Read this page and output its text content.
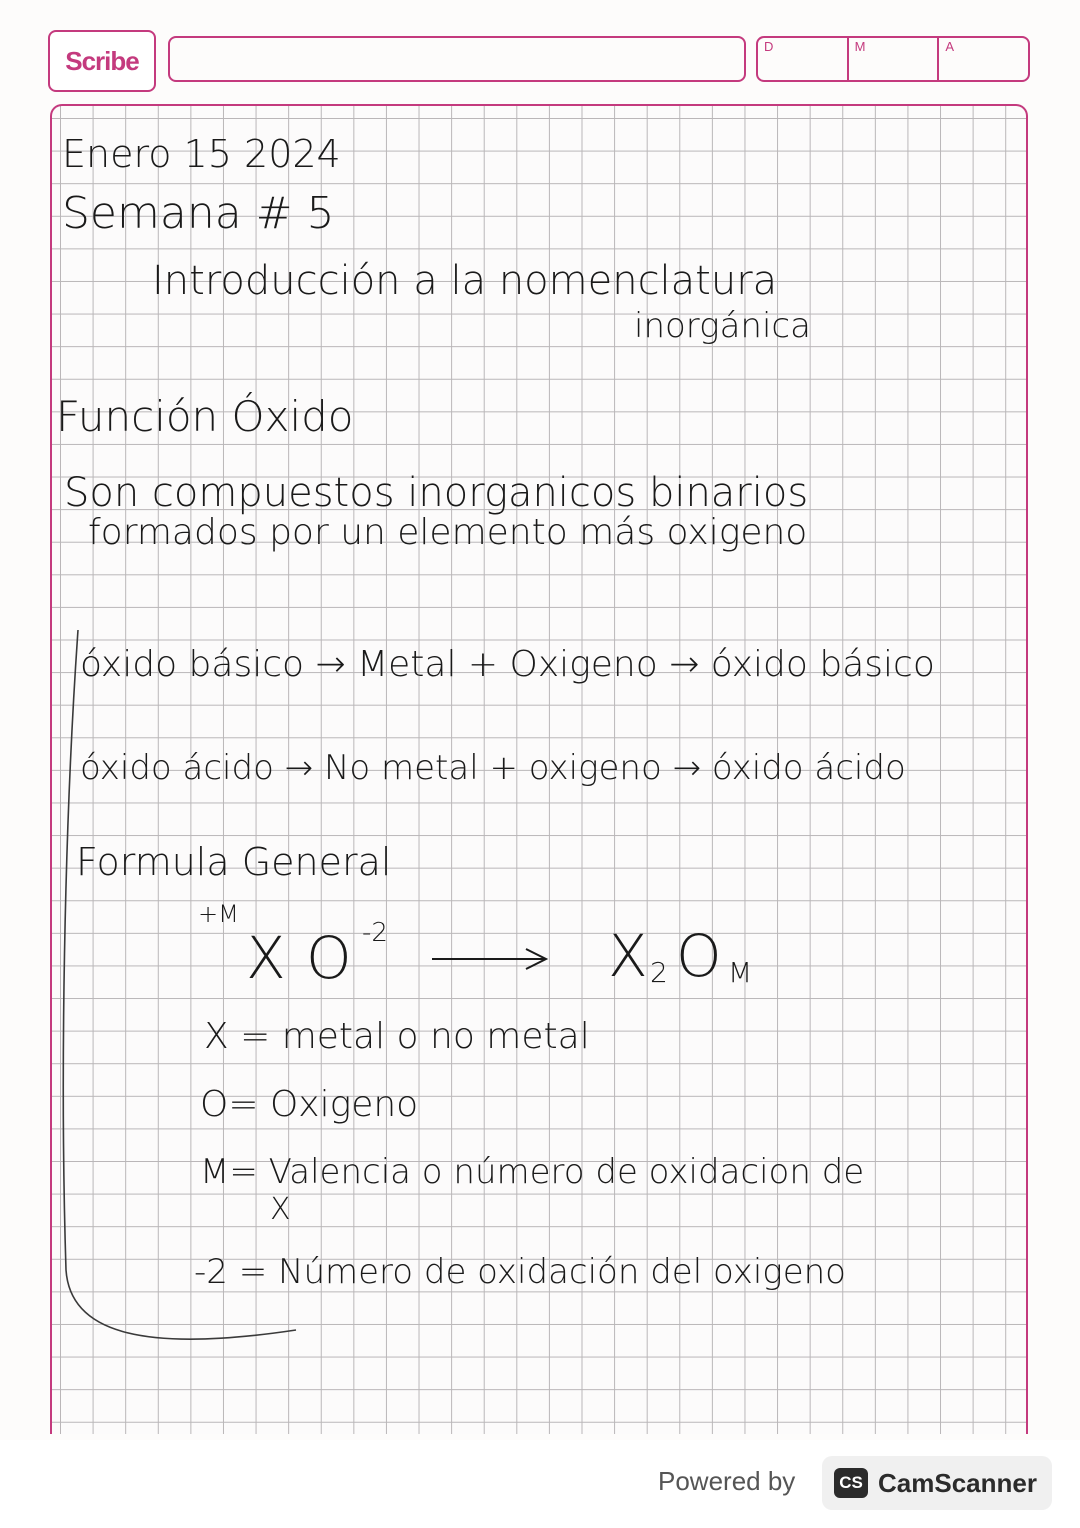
Scribe	D	M	A
Enero 15 2024
Semana # 5
Introducción a la nomenclatura
inorgánica
Función Óxido
Son compuestos inorganicos binarios
formados por un elemento más oxigeno
óxido básico → Metal + Oxigeno → óxido básico
óxido ácido → No metal + oxigeno → óxido ácido
Formula General
+M
X O -2	X 2 O M
X = metal o no metal
O= Oxigeno
M= Valencia o número de oxidacion de
X
-2 = Número de oxidación del oxigeno
Powered by	CS CamScanner
